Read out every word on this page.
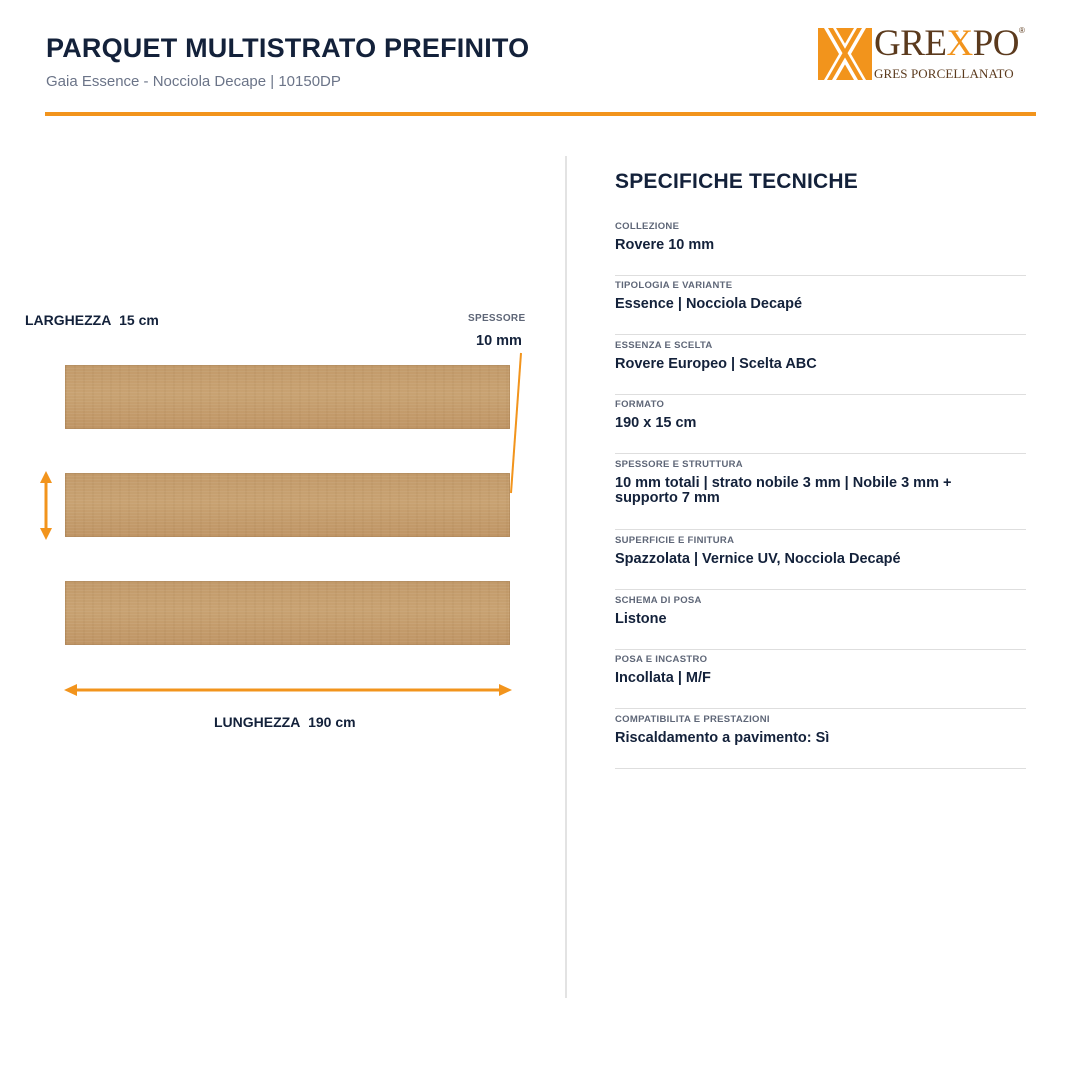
PARQUET MULTISTRATO PREFINITO
Gaia Essence - Nocciola Decape | 10150DP
GREXPO ®
GRES PORCELLANATO
LARGHEZZA 15 cm	SPESSORE
10 mm
LUNGHEZZA 190 cm
SPECIFICHE TECNICHE
COLLEZIONE
Rovere 10 mm
TIPOLOGIA E VARIANTE
Essence | Nocciola Decapé
ESSENZA E SCELTA
Rovere Europeo | Scelta ABC
FORMATO
190 x 15 cm
SPESSORE E STRUTTURA
10 mm totali | strato nobile 3 mm | Nobile 3 mm + supporto 7 mm
SUPERFICIE E FINITURA
Spazzolata | Vernice UV, Nocciola Decapé
SCHEMA DI POSA
Listone
POSA E INCASTRO
Incollata | M/F
COMPATIBILITA E PRESTAZIONI
Riscaldamento a pavimento: Sì
